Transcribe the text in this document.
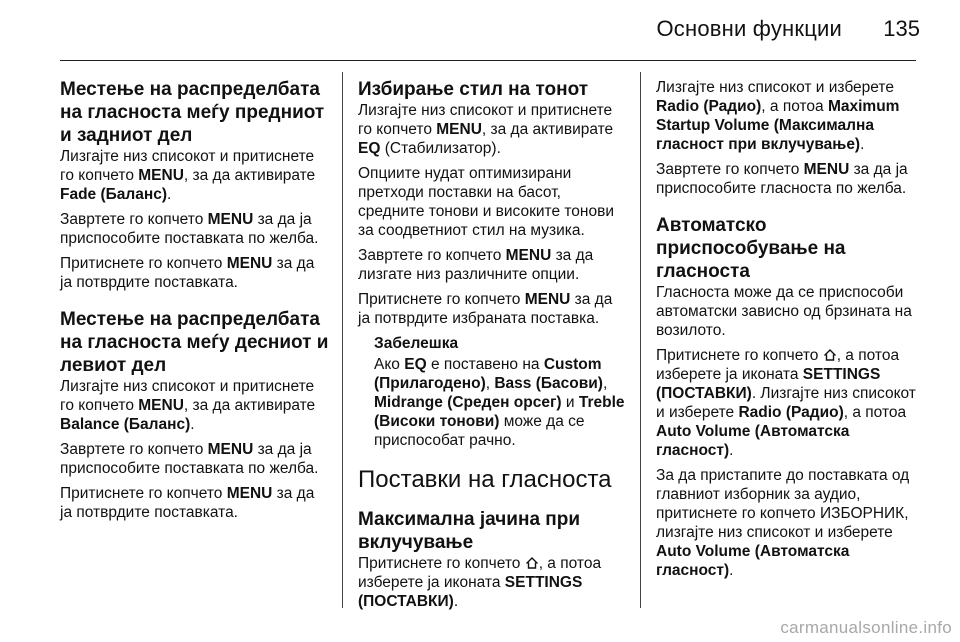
Основни функции 135
Местење на распределбата на гласноста меѓу предниот и задниот дел

Лизгајте низ списокот и притиснете го копчето MENU, за да активирате Fade (Баланс).

Завртете го копчето MENU за да ја приспособите поставката по желба.

Притиснете го копчето MENU за да ја потврдите поставката.

Местење на распределбата на гласноста меѓу десниот и левиот дел

Лизгајте низ списокот и притиснете го копчето MENU, за да активирате Balance (Баланс).

Завртете го копчето MENU за да ја приспособите поставката по желба.

Притиснете го копчето MENU за да ја потврдите поставката.

Избирање стил на тонот

Лизгајте низ списокот и притиснете го копчето MENU, за да активирате EQ (Стабилизатор).

Опциите нудат оптимизирани претходи поставки на басот, средните тонови и високите тонови за соодветниот стил на музика.

Завртете го копчето MENU за да лизгате низ различните опции.

Притиснете го копчето MENU за да ја потврдите избраната поставка.

Забелешка

Ако EQ е поставено на Custom (Прилагодено), Bass (Басови), Midrange (Среден орсег) и Treble (Високи тонови) може да се приспособат рачно.

Поставки на гласноста
Максимална јачина при вклучување

Притиснете го копчето , а потоа изберете ја иконата SETTINGS (ПОСТАВКИ).

Лизгајте низ списокот и изберете Radio (Радио), а потоа Maximum Startup Volume (Максимална гласност при вклучување).

Завртете го копчето MENU за да ја приспособите гласноста по желба.

Автоматско приспособување на гласноста

Гласноста може да се приспособи автоматски зависно од брзината на возилото.

Притиснете го копчето , а потоа изберете ја иконата SETTINGS (ПОСТАВКИ). Лизгајте низ списокот и изберете Radio (Радио), а потоа Auto Volume (Автоматска гласност).

За да пристапите до поставката од главниот изборник за аудио, притиснете го копчето ИЗБОРНИК, лизгајте низ списокот и изберете Auto Volume (Автоматска гласност).

carmanualsonline.info
